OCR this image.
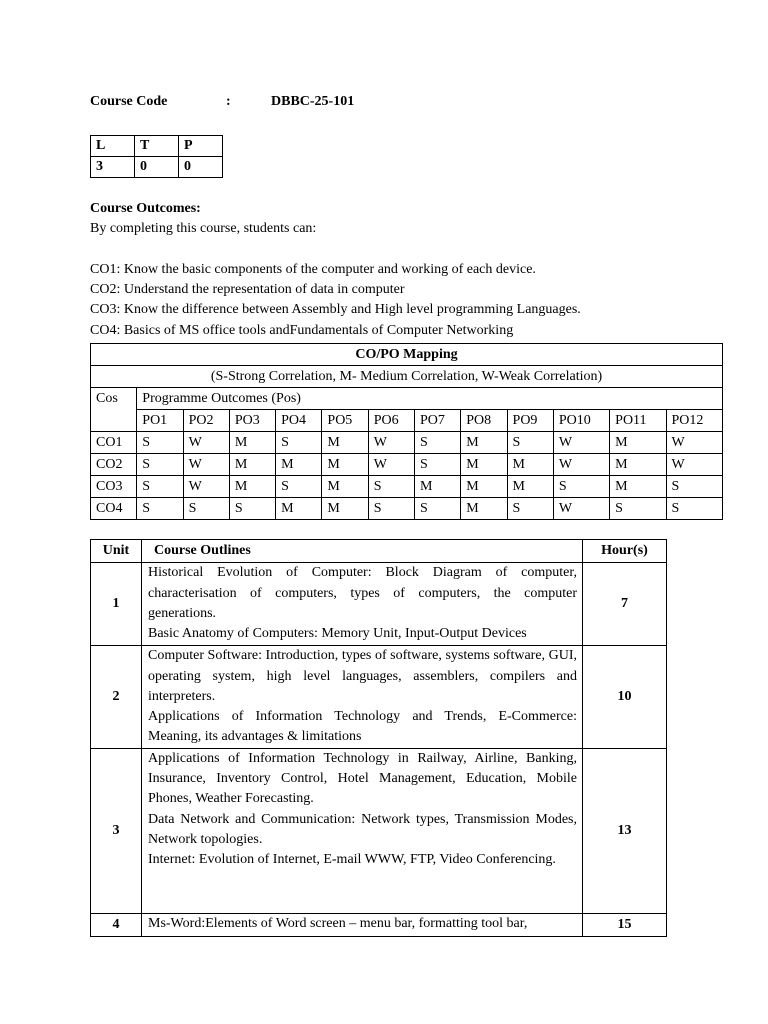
Course Code	:	DBBC-25-101
L	T	P
3	0	0
Course Outcomes:
By completing this course, students can:
CO1: Know the basic components of the computer and working of each device.
CO2: Understand the representation of data in computer
CO3: Know the difference between Assembly and High level programming Languages.
CO4: Basics of MS office tools andFundamentals of Computer Networking
CO/PO Mapping												
(S-Strong Correlation, M- Medium Correlation, W-Weak Correlation)												
Cos	Programme Outcomes (Pos)											
	PO1	PO2	PO3	PO4	PO5	PO6	PO7	PO8	PO9	PO10	PO11	PO12
CO1	S	W	M	S	M	W	S	M	S	W	M	W
CO2	S	W	M	M	M	W	S	M	M	W	M	W
CO3	S	W	M	S	M	S	M	M	M	S	M	S
CO4	S	S	S	M	M	S	S	M	S	W	S	S
Unit	Course Outlines	Hour(s)
1	Historical Evolution of Computer: Block Diagram of computer, characterisation of computers, types of computers, the computer generations.

Basic Anatomy of Computers: Memory Unit, Input-Output Devices	7
2	Computer Software: Introduction, types of software, systems software, GUI, operating system, high level languages, assemblers, compilers and interpreters.

Applications of Information Technology and Trends, E-Commerce: Meaning, its advantages & limitations	10
3	Applications of Information Technology in Railway, Airline, Banking, Insurance, Inventory Control, Hotel Management, Education, Mobile Phones, Weather Forecasting.

Data Network and Communication: Network types, Transmission Modes, Network topologies.

Internet: Evolution of Internet, E-mail WWW, FTP, Video Conferencing.	13
4	Ms-Word:Elements of Word screen – menu bar, formatting tool bar,	15
